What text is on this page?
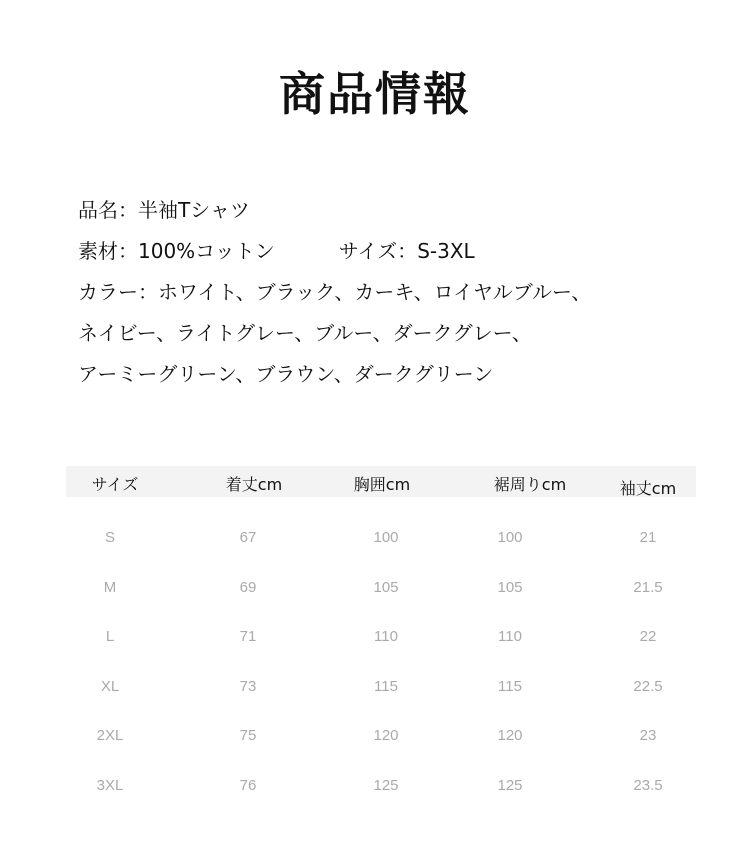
商品情報
品名：半袖Tシャツ
素材：100%コットン	サイズ：S-3XL
カラー：ホワイト、ブラック、カーキ、ロイヤルブルー、
ネイビー、ライトグレー、ブルー、ダークグレー、
アーミーグリーン、ブラウン、ダークグリーン
サイズ	着丈cm	胸囲cm	裾周りcm	袖丈cm
S	67	100	100	21
M	69	105	105	21.5
L	71	110	110	22
XL	73	115	115	22.5
2XL	75	120	120	23
3XL	76	125	125	23.5
